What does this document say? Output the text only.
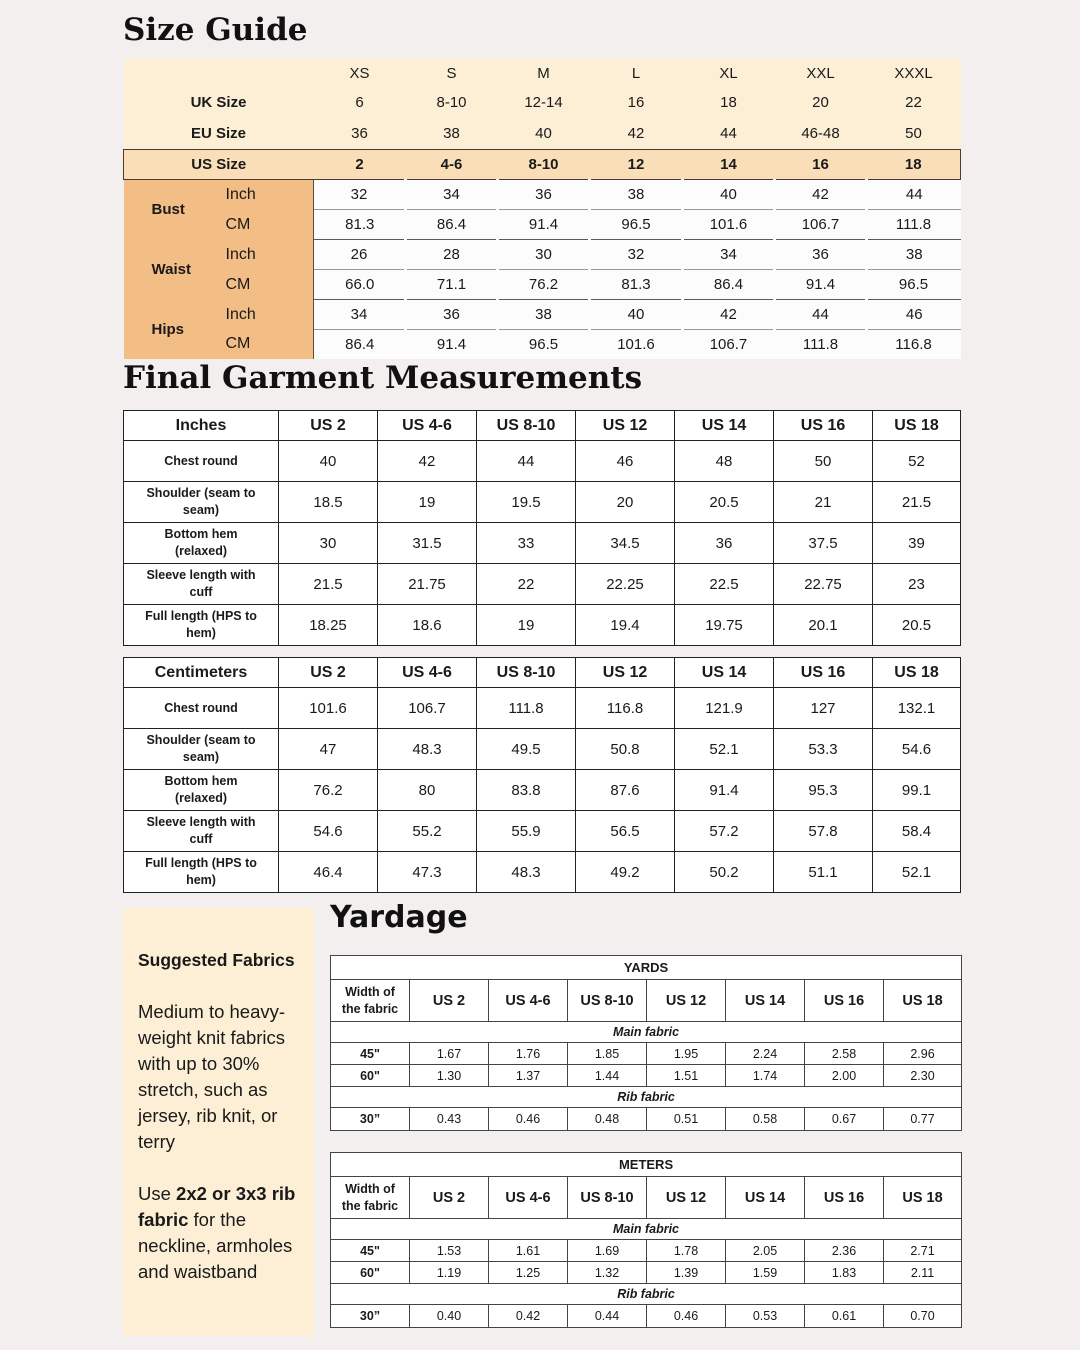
Size Guide
		XS	S	M	L	XL	XXL	XXXL
UK Size		6	8-10	12-14	16	18	20	22
EU Size		36	38	40	42	44	46-48	50
US Size		2	4-6	8-10	12	14	16	18
Bust	Inch	32	34	36	38	40	42	44
	CM	81.3	86.4	91.4	96.5	101.6	106.7	111.8
Waist	Inch	26	28	30	32	34	36	38
	CM	66.0	71.1	76.2	81.3	86.4	91.4	96.5
Hips	Inch	34	36	38	40	42	44	46
	CM	86.4	91.4	96.5	101.6	106.7	111.8	116.8
Final Garment Measurements
Inches	US 2	US 4-6	US 8-10	US 12	US 14	US 16	US 18
Chest round	40	42	44	46	48	50	52
Shoulder (seam to seam)	18.5	19	19.5	20	20.5	21	21.5
Bottom hem (relaxed)	30	31.5	33	34.5	36	37.5	39
Sleeve length with cuff	21.5	21.75	22	22.25	22.5	22.75	23
Full length (HPS to hem)	18.25	18.6	19	19.4	19.75	20.1	20.5
Centimeters	US 2	US 4-6	US 8-10	US 12	US 14	US 16	US 18
Chest round	101.6	106.7	111.8	116.8	121.9	127	132.1
Shoulder (seam to seam)	47	48.3	49.5	50.8	52.1	53.3	54.6
Bottom hem (relaxed)	76.2	80	83.8	87.6	91.4	95.3	99.1
Sleeve length with cuff	54.6	55.2	55.9	56.5	57.2	57.8	58.4
Full length (HPS to hem)	46.4	47.3	48.3	49.2	50.2	51.1	52.1
Suggested Fabrics
Medium to heavy-weight knit fabrics with up to 30% stretch, such as jersey, rib knit, or terry
Use 2x2 or 3x3 rib fabric for the neckline, armholes and waistband
Yardage
YARDS							
Width of the fabric	US 2	US 4-6	US 8-10	US 12	US 14	US 16	US 18
Main fabric							
45"	1.67	1.76	1.85	1.95	2.24	2.58	2.96
60"	1.30	1.37	1.44	1.51	1.74	2.00	2.30
Rib fabric							
30”	0.43	0.46	0.48	0.51	0.58	0.67	0.77
METERS							
Width of the fabric	US 2	US 4-6	US 8-10	US 12	US 14	US 16	US 18
Main fabric							
45"	1.53	1.61	1.69	1.78	2.05	2.36	2.71
60"	1.19	1.25	1.32	1.39	1.59	1.83	2.11
Rib fabric							
30”	0.40	0.42	0.44	0.46	0.53	0.61	0.70
